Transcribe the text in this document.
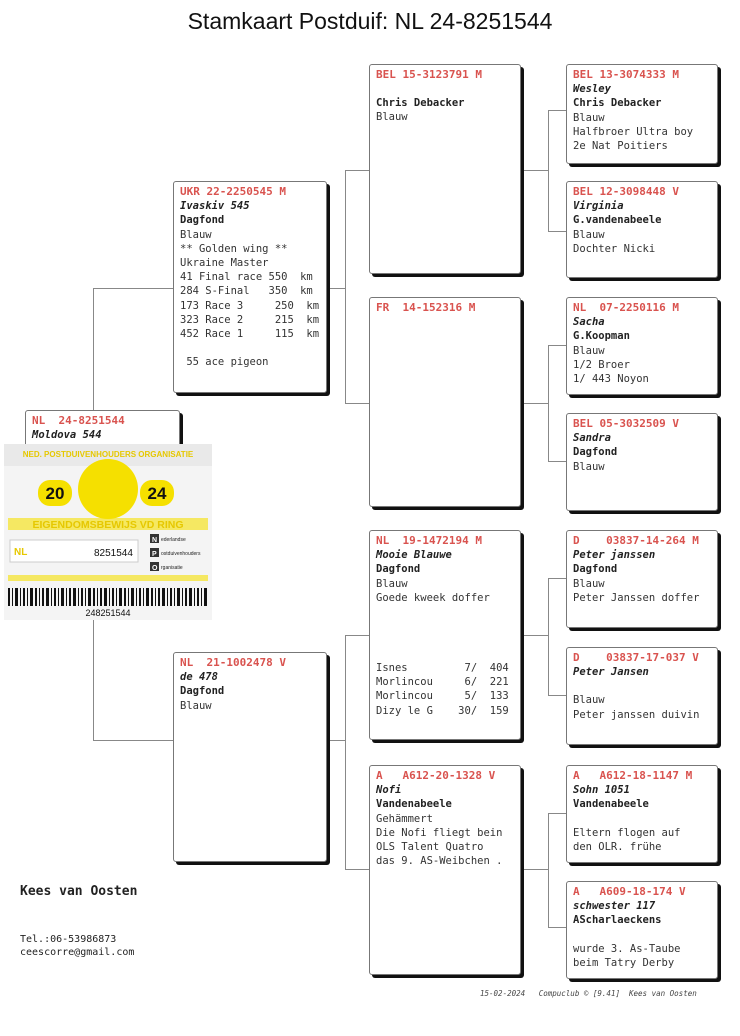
Stamkaart Postduif: NL 24-8251544
NL  24-8251544
Moldova 544
NED. POSTDUIVENHOUDERS ORGANISATIE
20	24
EIGENDOMSBEWIJS VD RING
NL	8251544
N
P
O
ederlandse
ostduivenhouders
rganisatie
248251544
UKR 22-2250545 M
Ivaskiv 545
Dagfond
Blauw
** Golden wing **
Ukraine Master
41 Final race 550  km
284 S-Final   350  km
173 Race 3     250  km
323 Race 2     215  km
452 Race 1     115  km
55 ace pigeon
NL  21-1002478 V
de 478
Dagfond
Blauw
BEL 15-3123791 M
Chris Debacker
Blauw
FR  14-152316 M
NL  19-1472194 M
Mooie Blauwe
Dagfond
Blauw
Goede kweek doffer
Isnes         7/  404
Morlincou     6/  221
Morlincou     5/  133
Dizy le G    30/  159
A   A612-20-1328 V
Nofi
Vandenabeele
Gehämmert
Die Nofi fliegt bein
OLS Talent Quatro
das 9. AS-Weibchen .
BEL 13-3074333 M
Wesley
Chris Debacker
Blauw
Halfbroer Ultra boy
2e Nat Poitiers
BEL 12-3098448 V
Virginia
G.vandenabeele
Blauw
Dochter Nicki
NL  07-2250116 M
Sacha
G.Koopman
Blauw
1/2 Broer
1/ 443 Noyon
BEL 05-3032509 V
Sandra
Dagfond
Blauw
D    03837-14-264 M
Peter janssen
Dagfond
Blauw
Peter Janssen doffer
D    03837-17-037 V
Peter Jansen
Blauw
Peter janssen duivin
A   A612-18-1147 M
Sohn 1051
Vandenabeele
Eltern flogen auf
den OLR. frühe
A   A609-18-174 V
schwester 117
AScharlaeckens
wurde 3. As-Taube
beim Tatry Derby
Kees van Oosten
Tel.:06-53986873
ceescorre@gmail.com
15-02-2024 Compuclub © [9.41]  Kees van Oosten
